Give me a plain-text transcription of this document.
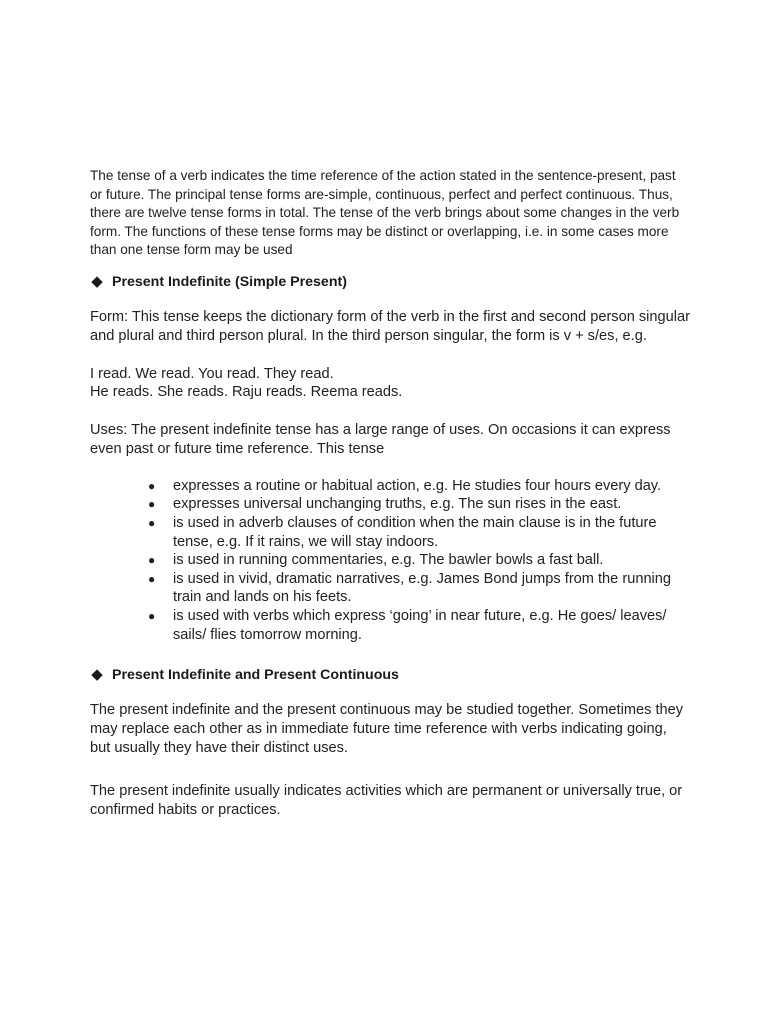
The tense of a verb indicates the time reference of the action stated in the sentence-present, past or future. The principal tense forms are-simple, continuous, perfect and perfect continuous. Thus, there are twelve tense forms in total. The tense of the verb brings about some changes in the verb form. The functions of these tense forms may be distinct or overlapping, i.e. in some cases more than one tense form may be used

◆ Present Indefinite (Simple Present)

Form: This tense keeps the dictionary form of the verb in the first and second person singular and plural and third person plural. In the third person singular, the form is v + s/es, e.g.

I read. We read. You read. They read.
He reads. She reads. Raju reads. Reema reads.

Uses: The present indefinite tense has a large range of uses. On occasions it can express even past or future time reference. This tense

● expresses a routine or habitual action, e.g. He studies four hours every day.
● expresses universal unchanging truths, e.g. The sun rises in the east.
● is used in adverb clauses of condition when the main clause is in the future tense, e.g. If it rains, we will stay indoors.
● is used in running commentaries, e.g. The bawler bowls a fast ball.
● is used in vivid, dramatic narratives, e.g. James Bond jumps from the running train and lands on his feets.
● is used with verbs which express ‘going’ in near future, e.g. He goes/ leaves/ sails/ flies tomorrow morning.
◆ Present Indefinite and Present Continuous

The present indefinite and the present continuous may be studied together. Sometimes they may replace each other as in immediate future time reference with verbs indicating going, but usually they have their distinct uses.

The present indefinite usually indicates activities which are permanent or universally true, or confirmed habits or practices.
